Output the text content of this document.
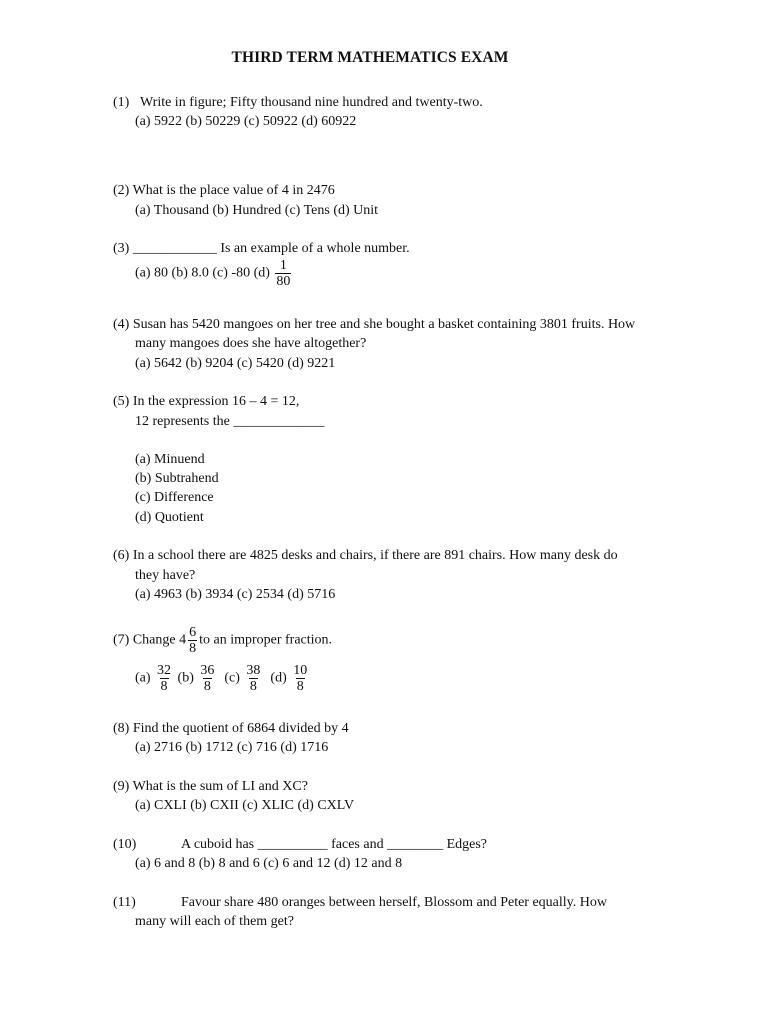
THIRD TERM MATHEMATICS EXAM
(1) Write in figure; Fifty thousand nine hundred and twenty-two.
(a) 5922 (b) 50229 (c) 50922 (d) 60922
(2) What is the place value of 4 in 2476
(a) Thousand (b) Hundred (c) Tens (d) Unit
(3) ____________ Is an example of a whole number.
(a) 80 (b) 8.0 (c) -80 $(d) \frac{1}{80}$
(4) Susan has 5420 mangoes on her tree and she bought a basket containing 3801 fruits. How
many mangoes does she have altogether?
(a) 5642 (b) 9204 (c) 5420 (d) 9221
(5) In the expression 16 – 4 = 12,
12 represents the _____________
(a) Minuend
(b) Subtrahend
(c) Difference
(d) Quotient
(6) In a school there are 4825 desks and chairs, if there are 891 chairs. How many desk do
they have?
(a) 4963 (b) 3934 (c) 2534 (d) 5716
(7) Change $4 \frac{6}{8}$ to an improper fraction.
$(a) \frac{32}{8} (b) \frac{36}{8} (c) \frac{38}{8} (d) \frac{10}{8}$
(8) Find the quotient of 6864 divided by 4
(a) 2716 (b) 1712 (c) 716 (d) 1716
(9) What is the sum of LI and XC?
(a) CXLI (b) CXII (c) XLIC (d) CXLV
(10)	A cuboid has __________ faces and ________ Edges?
(a) 6 and 8 (b) 8 and 6 (c) 6 and 12 (d) 12 and 8
(11)	Favour share 480 oranges between herself, Blossom and Peter equally. How
many will each of them get?
